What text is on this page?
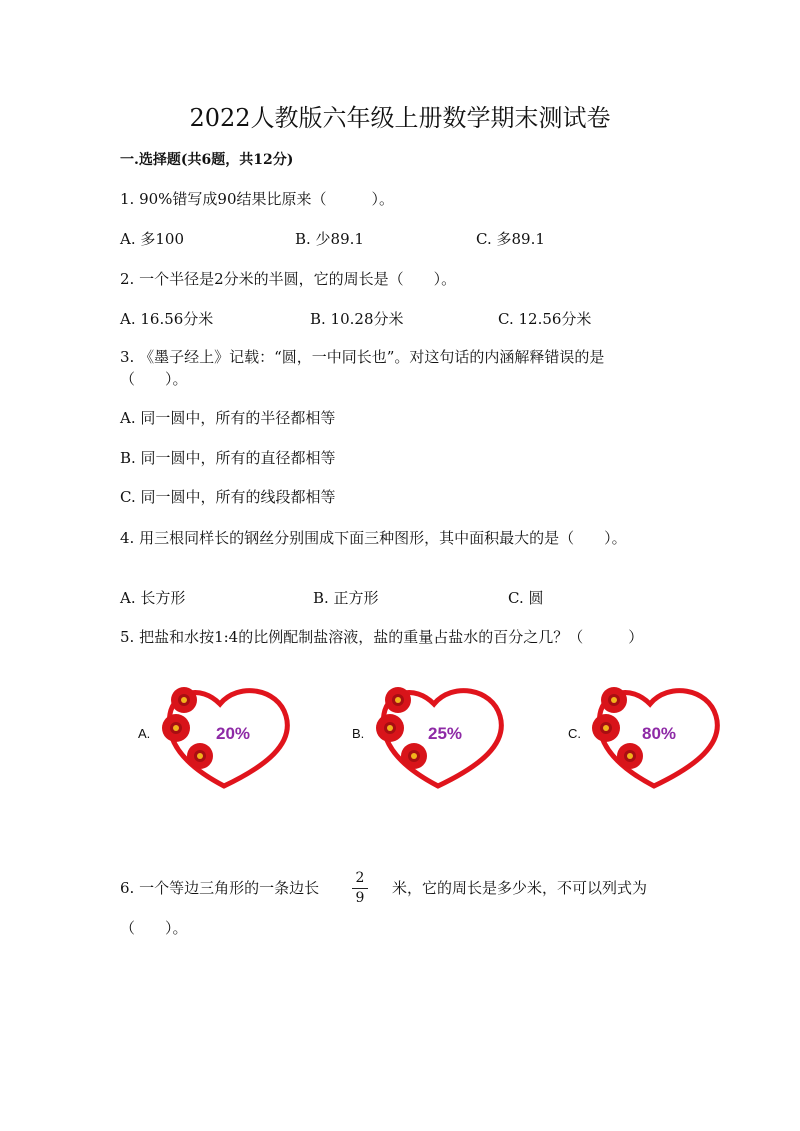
2022人教版六年级上册数学期末测试卷
一.选择题(共6题，共12分)
1. 90%错写成90结果比原来（　　　）。
A. 多100	B. 少89.1	C. 多89.1
2. 一个半径是2分米的半圆，它的周长是（　　）。
A. 16.56分米	B. 10.28分米	C. 12.56分米
3. 《墨子经上》记载：“圆，一中同长也”。对这句话的内涵解释错误的是
（　　）。
A. 同一圆中，所有的半径都相等
B. 同一圆中，所有的直径都相等
C. 同一圆中，所有的线段都相等
4. 用三根同样长的钢丝分别围成下面三种图形，其中面积最大的是（　　）。
A. 长方形	B. 正方形	C. 圆
5. 把盐和水按1:4的比例配制盐溶液，盐的重量占盐水的百分之几？（　　　）
A.	20%	B.	25%	C.	80%
6. 一个等边三角形的一条边长
2
9
米，它的周长是多少米，不可以列式为
（　　）。
